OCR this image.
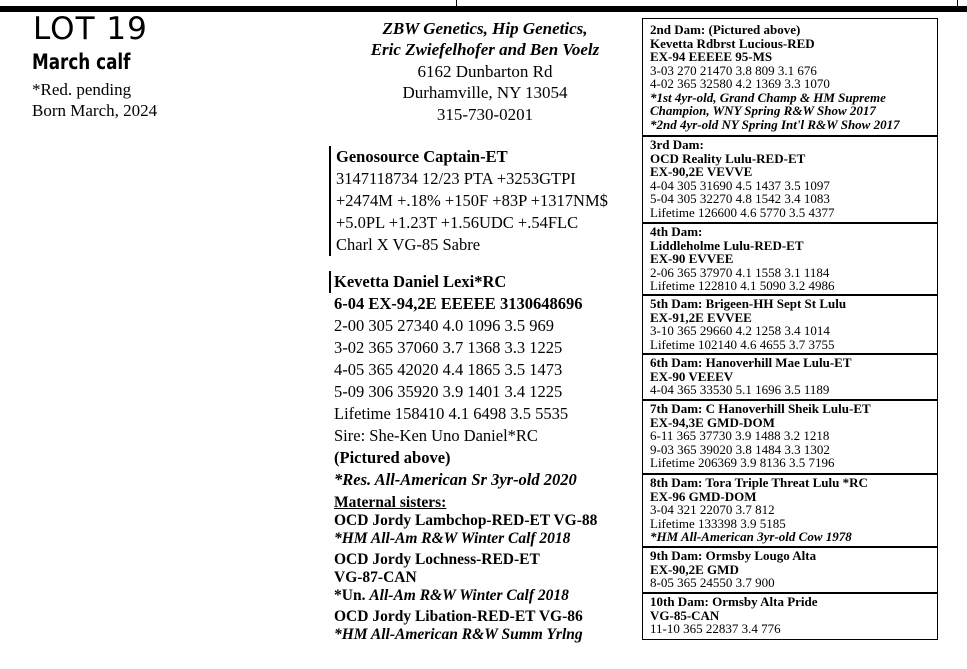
LOT 19
March calf
*Red. pending
Born March, 2024
ZBW Genetics, Hip Genetics,
Eric Zwiefelhofer and Ben Voelz
6162 Dunbarton Rd
Durhamville, NY 13054
315-730-0201
Genosource Captain-ET
3147118734 12/23 PTA +3253GTPI
+2474M +.18% +150F +83P +1317NM$
+5.0PL +1.23T +1.56UDC +.54FLC
Charl X VG-85 Sabre
Kevetta Daniel Lexi*RC
6-04 EX-94,2E EEEEE 3130648696
2-00 305 27340 4.0 1096 3.5 969
3-02 365 37060 3.7 1368 3.3 1225
4-05 365 42020 4.4 1865 3.5 1473
5-09 306 35920 3.9 1401 3.4 1225
Lifetime 158410 4.1 6498 3.5 5535
Sire: She-Ken Uno Daniel*RC
(Pictured above)
*Res. All-American Sr 3yr-old 2020
Maternal sisters:
OCD Jordy Lambchop-RED-ET VG-88
*HM All-Am R&W Winter Calf 2018
OCD Jordy Lochness-RED-ET
VG-87-CAN
*Un. All-Am R&W Winter Calf 2018
OCD Jordy Libation-RED-ET VG-86
*HM All-American R&W Summ Yrlng
2nd Dam: (Pictured above)
Kevetta Rdbrst Lucious-RED
EX-94 EEEEE 95-MS
3-03 270 21470 3.8 809 3.1 676
4-02 365 32580 4.2 1369 3.3 1070
*1st 4yr-old, Grand Champ & HM Supreme
Champion, WNY Spring R&W Show 2017
*2nd 4yr-old NY Spring Int'l R&W Show 2017
3rd Dam:
OCD Reality Lulu-RED-ET
EX-90,2E VEVVE
4-04 305 31690 4.5 1437 3.5 1097
5-04 305 32270 4.8 1542 3.4 1083
Lifetime 126600 4.6 5770 3.5 4377
4th Dam:
Liddleholme Lulu-RED-ET
EX-90 EVVEE
2-06 365 37970 4.1 1558 3.1 1184
Lifetime 122810 4.1 5090 3.2 4986
5th Dam: Brigeen-HH Sept St Lulu
EX-91,2E EVVEE
3-10 365 29660 4.2 1258 3.4 1014
Lifetime 102140 4.6 4655 3.7 3755
6th Dam: Hanoverhill Mae Lulu-ET
EX-90 VEEEV
4-04 365 33530 5.1 1696 3.5 1189
7th Dam: C Hanoverhill Sheik Lulu-ET
EX-94,3E GMD-DOM
6-11 365 37730 3.9 1488 3.2 1218
9-03 365 39020 3.8 1484 3.3 1302
Lifetime 206369 3.9 8136 3.5 7196
8th Dam: Tora Triple Threat Lulu *RC
EX-96 GMD-DOM
3-04 321 22070 3.7 812
Lifetime 133398 3.9 5185
*HM All-American 3yr-old Cow 1978
9th Dam: Ormsby Lougo Alta
EX-90,2E GMD
8-05 365 24550 3.7 900
10th Dam: Ormsby Alta Pride
VG-85-CAN
11-10 365 22837 3.4 776
